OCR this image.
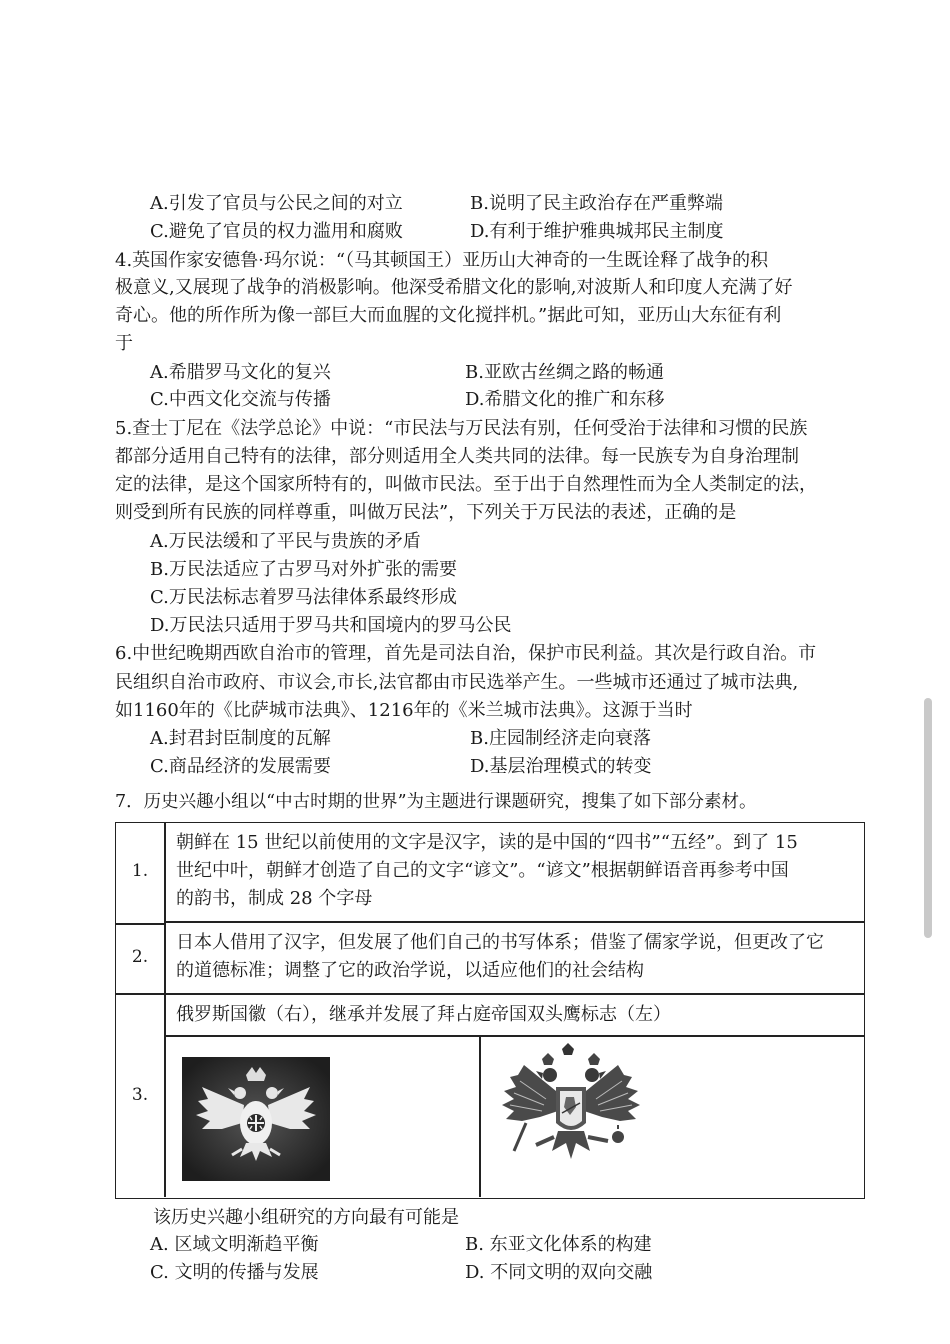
A.引发了官员与公民之间的对立	B.说明了民主政治存在严重弊端
C.避免了官员的权力滥用和腐败	D.有利于维护雅典城邦民主制度
4.英国作家安德鲁·玛尔说：“（马其顿国王）亚历山大神奇的一生既诠释了战争的积
极意义,又展现了战争的消极影响。他深受希腊文化的影响,对波斯人和印度人充满了好
奇心。他的所作所为像一部巨大而血腥的文化搅拌机。”据此可知，亚历山大东征有利
于
A.希腊罗马文化的复兴	B.亚欧古丝绸之路的畅通
C.中西文化交流与传播	D.希腊文化的推广和东移
5.查士丁尼在《法学总论》中说：“市民法与万民法有别，任何受治于法律和习惯的民族
都部分适用自己特有的法律，部分则适用全人类共同的法律。每一民族专为自身治理制
定的法律，是这个国家所特有的，叫做市民法。至于出于自然理性而为全人类制定的法，
则受到所有民族的同样尊重，叫做万民法”，下列关于万民法的表述，正确的是
A.万民法缓和了平民与贵族的矛盾
B.万民法适应了古罗马对外扩张的需要
C.万民法标志着罗马法律体系最终形成
D.万民法只适用于罗马共和国境内的罗马公民
6.中世纪晚期西欧自治市的管理，首先是司法自治，保护市民利益。其次是行政自治。市
民组织自治市政府、市议会,市长,法官都由市民选举产生。一些城市还通过了城市法典,
如1160年的《比萨城市法典》、1216年的《米兰城市法典》。这源于当时
A.封君封臣制度的瓦解	B.庄园制经济走向衰落
C.商品经济的发展需要	D.基层治理模式的转变
7．历史兴趣小组以“中古时期的世界”为主题进行课题研究，搜集了如下部分素材。
1.
朝鲜在 15 世纪以前使用的文字是汉字，读的是中国的“四书”“五经”。到了 15
世纪中叶，朝鲜才创造了自己的文字“谚文”。“谚文”根据朝鲜语音再参考中国
的韵书，制成 28 个字母
2.
日本人借用了汉字，但发展了他们自己的书写体系；借鉴了儒家学说，但更改了它
的道德标准；调整了它的政治学说，以适应他们的社会结构
3.
俄罗斯国徽（右），继承并发展了拜占庭帝国双头鹰标志（左）
该历史兴趣小组研究的方向最有可能是
A. 区域文明渐趋平衡	B. 东亚文化体系的构建
C. 文明的传播与发展	D. 不同文明的双向交融
